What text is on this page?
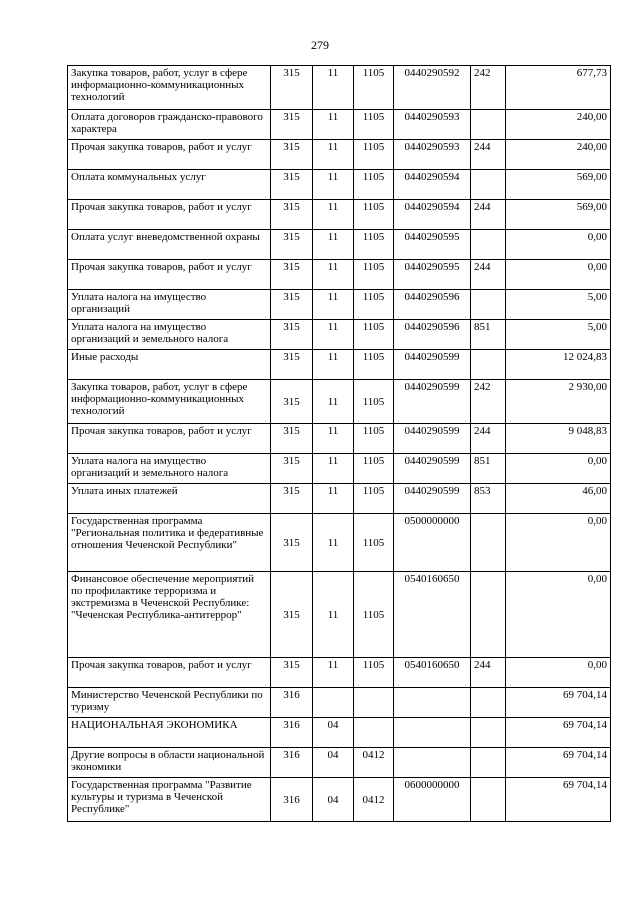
279
Закупка товаров, работ, услуг в сфере информационно-коммуникационных технологий	315	11	1105	0440290592	242	677,73
Оплата договоров гражданско-правового характера	315	11	1105	0440290593		240,00
Прочая закупка товаров, работ и услуг	315	11	1105	0440290593	244	240,00
Оплата коммунальных услуг	315	11	1105	0440290594		569,00
Прочая закупка товаров, работ и услуг	315	11	1105	0440290594	244	569,00
Оплата услуг вневедомственной охраны	315	11	1105	0440290595		0,00
Прочая закупка товаров, работ и услуг	315	11	1105	0440290595	244	0,00
Уплата налога на имущество организаций	315	11	1105	0440290596		5,00
Уплата налога на имущество организаций и земельного налога	315	11	1105	0440290596	851	5,00
Иные расходы	315	11	1105	0440290599		12 024,83
Закупка товаров, работ, услуг в сфере информационно-коммуникационных технологий	315	11	1105	0440290599	242	2 930,00
Прочая закупка товаров, работ и услуг	315	11	1105	0440290599	244	9 048,83
Уплата налога на имущество организаций и земельного налога	315	11	1105	0440290599	851	0,00
Уплата иных платежей	315	11	1105	0440290599	853	46,00
Государственная программа "Региональная политика и федеративные отношения Чеченской Республики"	315	11	1105	0500000000		0,00
Финансовое обеспечение мероприятий по профилактике терроризма и экстремизма в Чеченской Республике: "Чеченская Республика-антитеррор"	315	11	1105	0540160650		0,00
Прочая закупка товаров, работ и услуг	315	11	1105	0540160650	244	0,00
Министерство Чеченской Республики по туризму	316					69 704,14
НАЦИОНАЛЬНАЯ ЭКОНОМИКА	316	04				69 704,14
Другие вопросы в области национальной экономики	316	04	0412			69 704,14
Государственная программа "Развитие культуры и туризма в Чеченской Республике"	316	04	0412	0600000000		69 704,14
